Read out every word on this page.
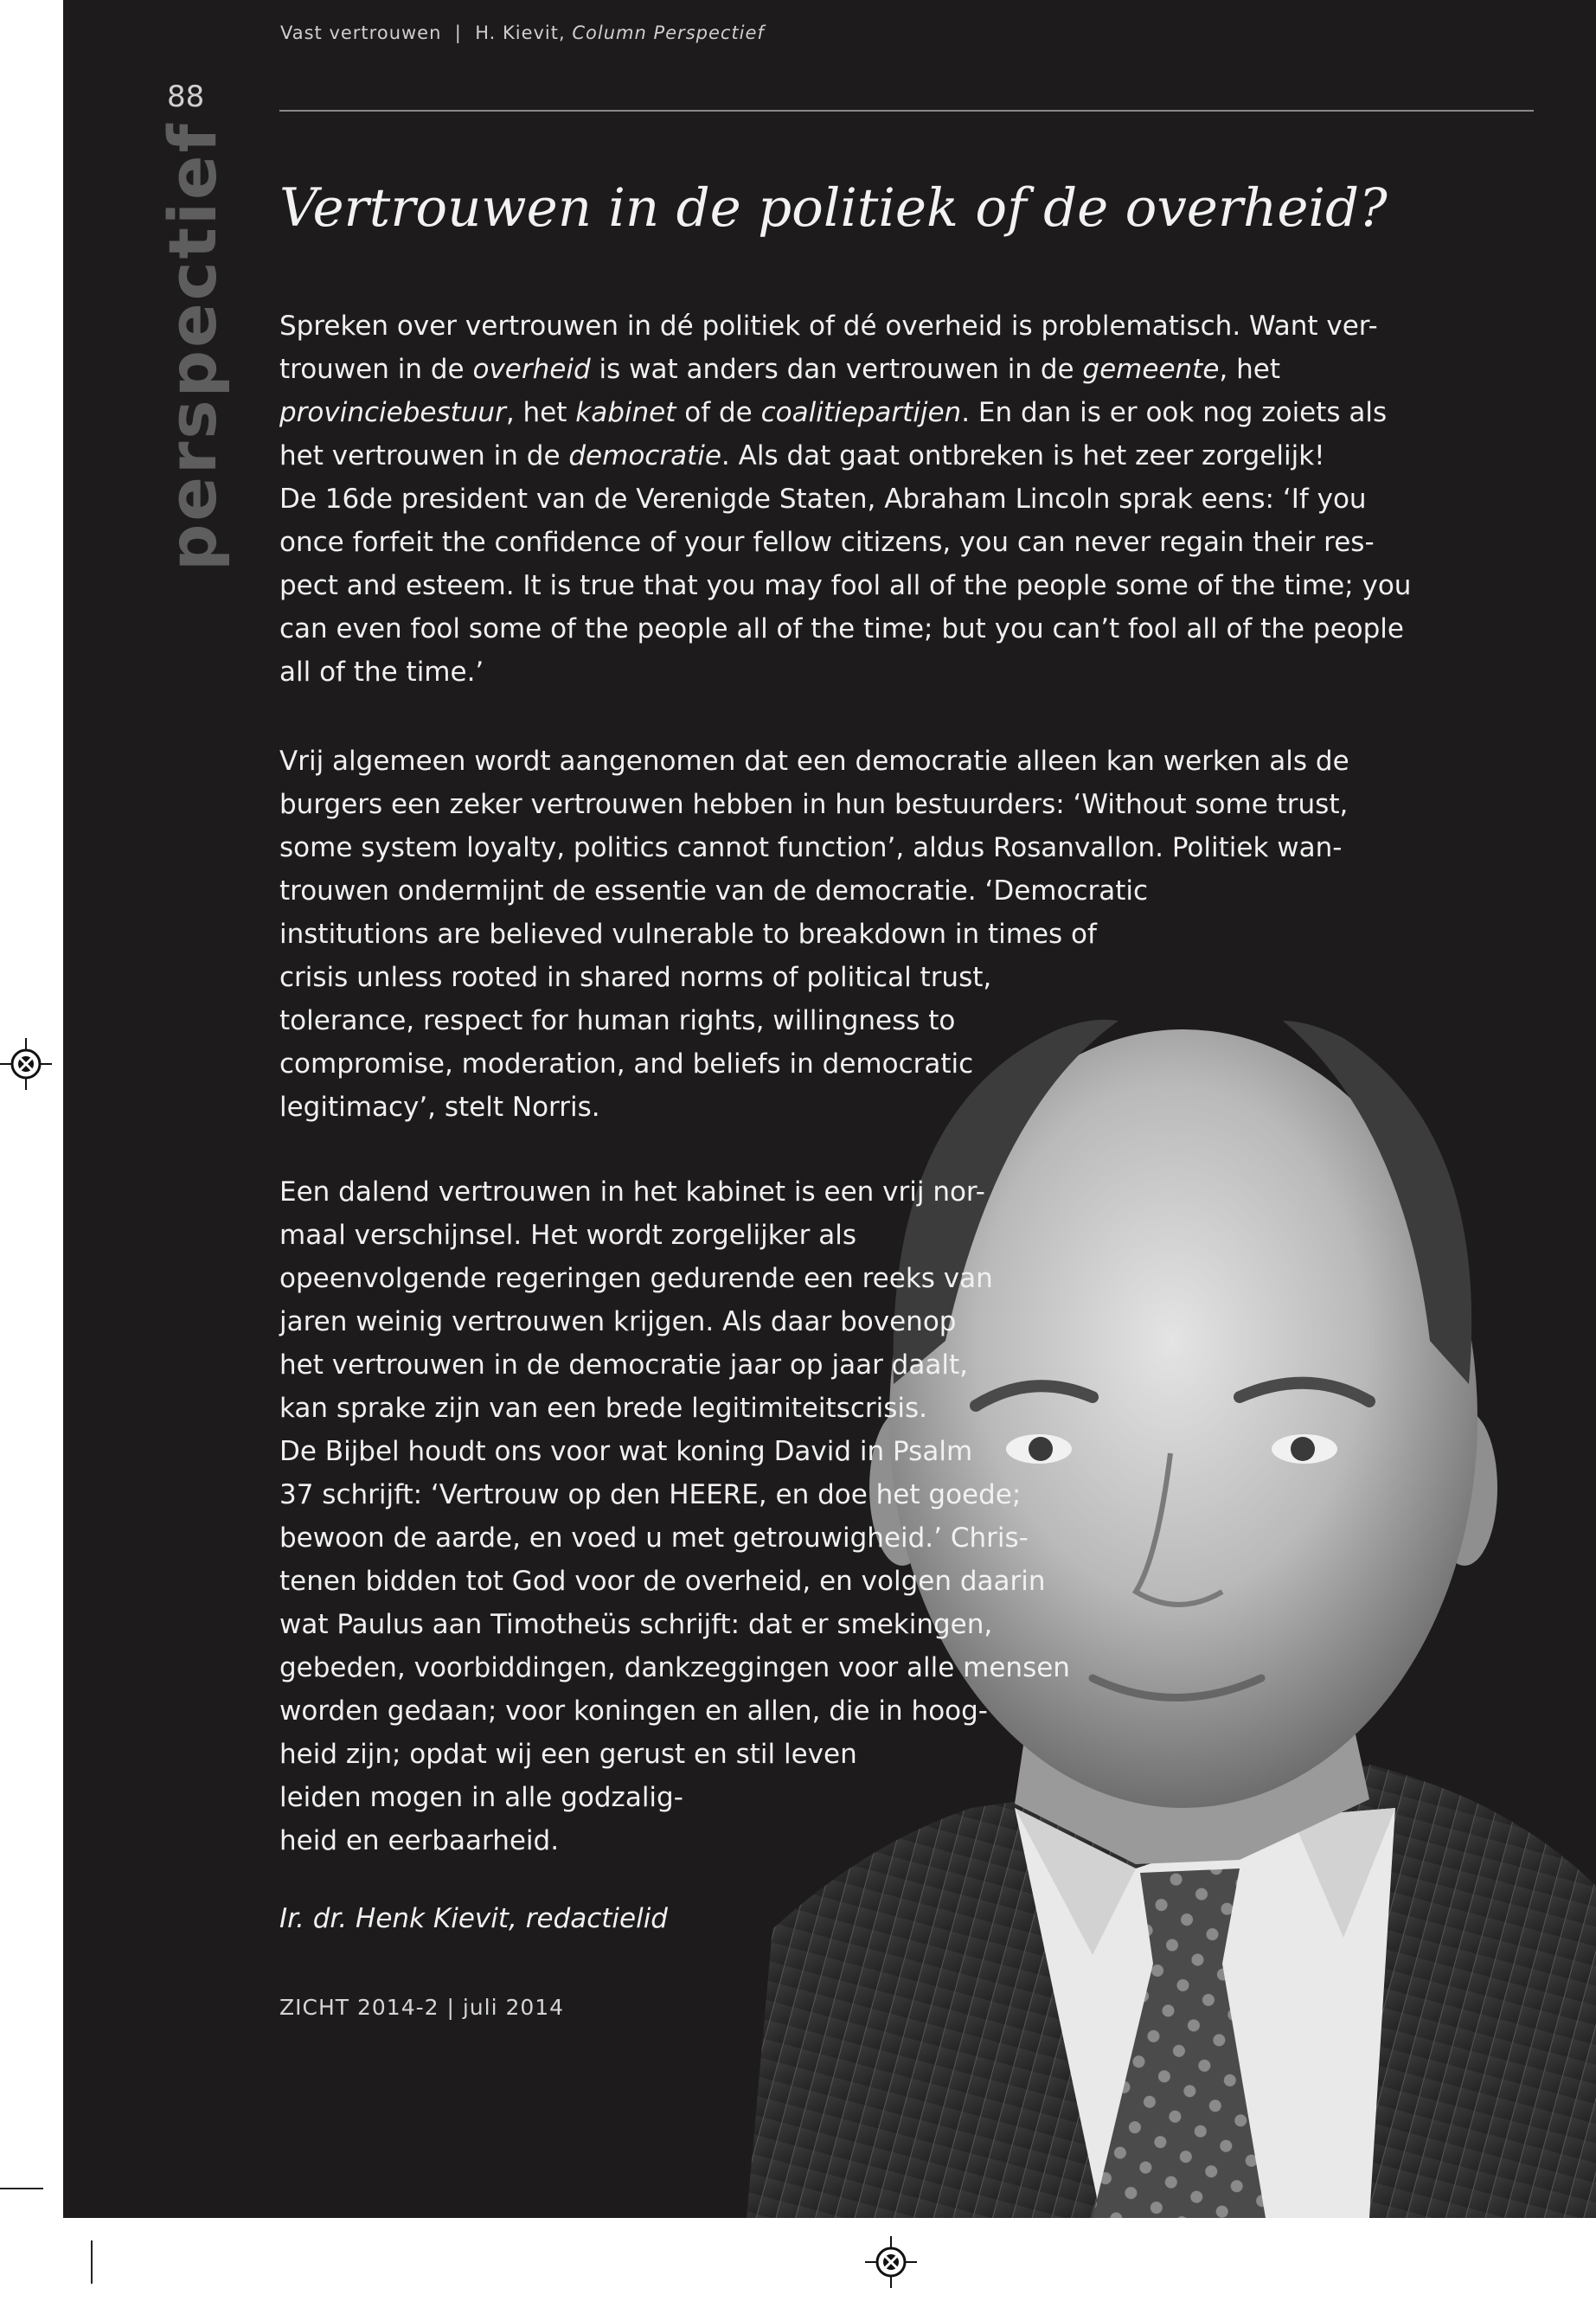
Vast vertrouwen | H. Kievit, Column Perspectief
88
perspectief Vertrouwen in de politiek of de overheid?

Spreken over vertrouwen in dé politiek of dé overheid is problematisch. Want ver-
trouwen in de overheid is wat anders dan vertrouwen in de gemeente, het
provinciebestuur, het kabinet of de coalitiepartijen. En dan is er ook nog zoiets als
het vertrouwen in de democratie. Als dat gaat ontbreken is het zeer zorgelijk!
De 16de president van de Verenigde Staten, Abraham Lincoln sprak eens: ‘If you
once forfeit the confidence of your fellow citizens, you can never regain their res-
pect and esteem. It is true that you may fool all of the people some of the time; you
can even fool some of the people all of the time; but you can’t fool all of the people
all of the time.’

Vrij algemeen wordt aangenomen dat een democratie alleen kan werken als de
burgers een zeker vertrouwen hebben in hun bestuurders: ‘Without some trust,
some system loyalty, politics cannot function’, aldus Rosanvallon. Politiek wan-
trouwen ondermijnt de essentie van de democratie. ‘Democratic
institutions are believed vulnerable to breakdown in times of
crisis unless rooted in shared norms of political trust,
tolerance, respect for human rights, willingness to
compromise, moderation, and beliefs in democratic
legitimacy’, stelt Norris.

Een dalend vertrouwen in het kabinet is een vrij nor-
maal verschijnsel. Het wordt zorgelijker als
opeenvolgende regeringen gedurende een reeks van
jaren weinig vertrouwen krijgen. Als daar bovenop
het vertrouwen in de democratie jaar op jaar daalt,
kan sprake zijn van een brede legitimiteitscrisis.
De Bijbel houdt ons voor wat koning David in Psalm
37 schrijft: ‘Vertrouw op den HEERE, en doe het goede;
bewoon de aarde, en voed u met getrouwigheid.’ Chris-
tenen bidden tot God voor de overheid, en volgen daarin
wat Paulus aan Timotheüs schrijft: dat er smekingen,
gebeden, voorbiddingen, dankzeggingen voor alle mensen
worden gedaan; voor koningen en allen, die in hoog-
heid zijn; opdat wij een gerust en stil leven
leiden mogen in alle godzalig-
heid en eerbaarheid.

Ir. dr. Henk Kievit, redactielid
ZICHT 2014-2 | juli 2014
